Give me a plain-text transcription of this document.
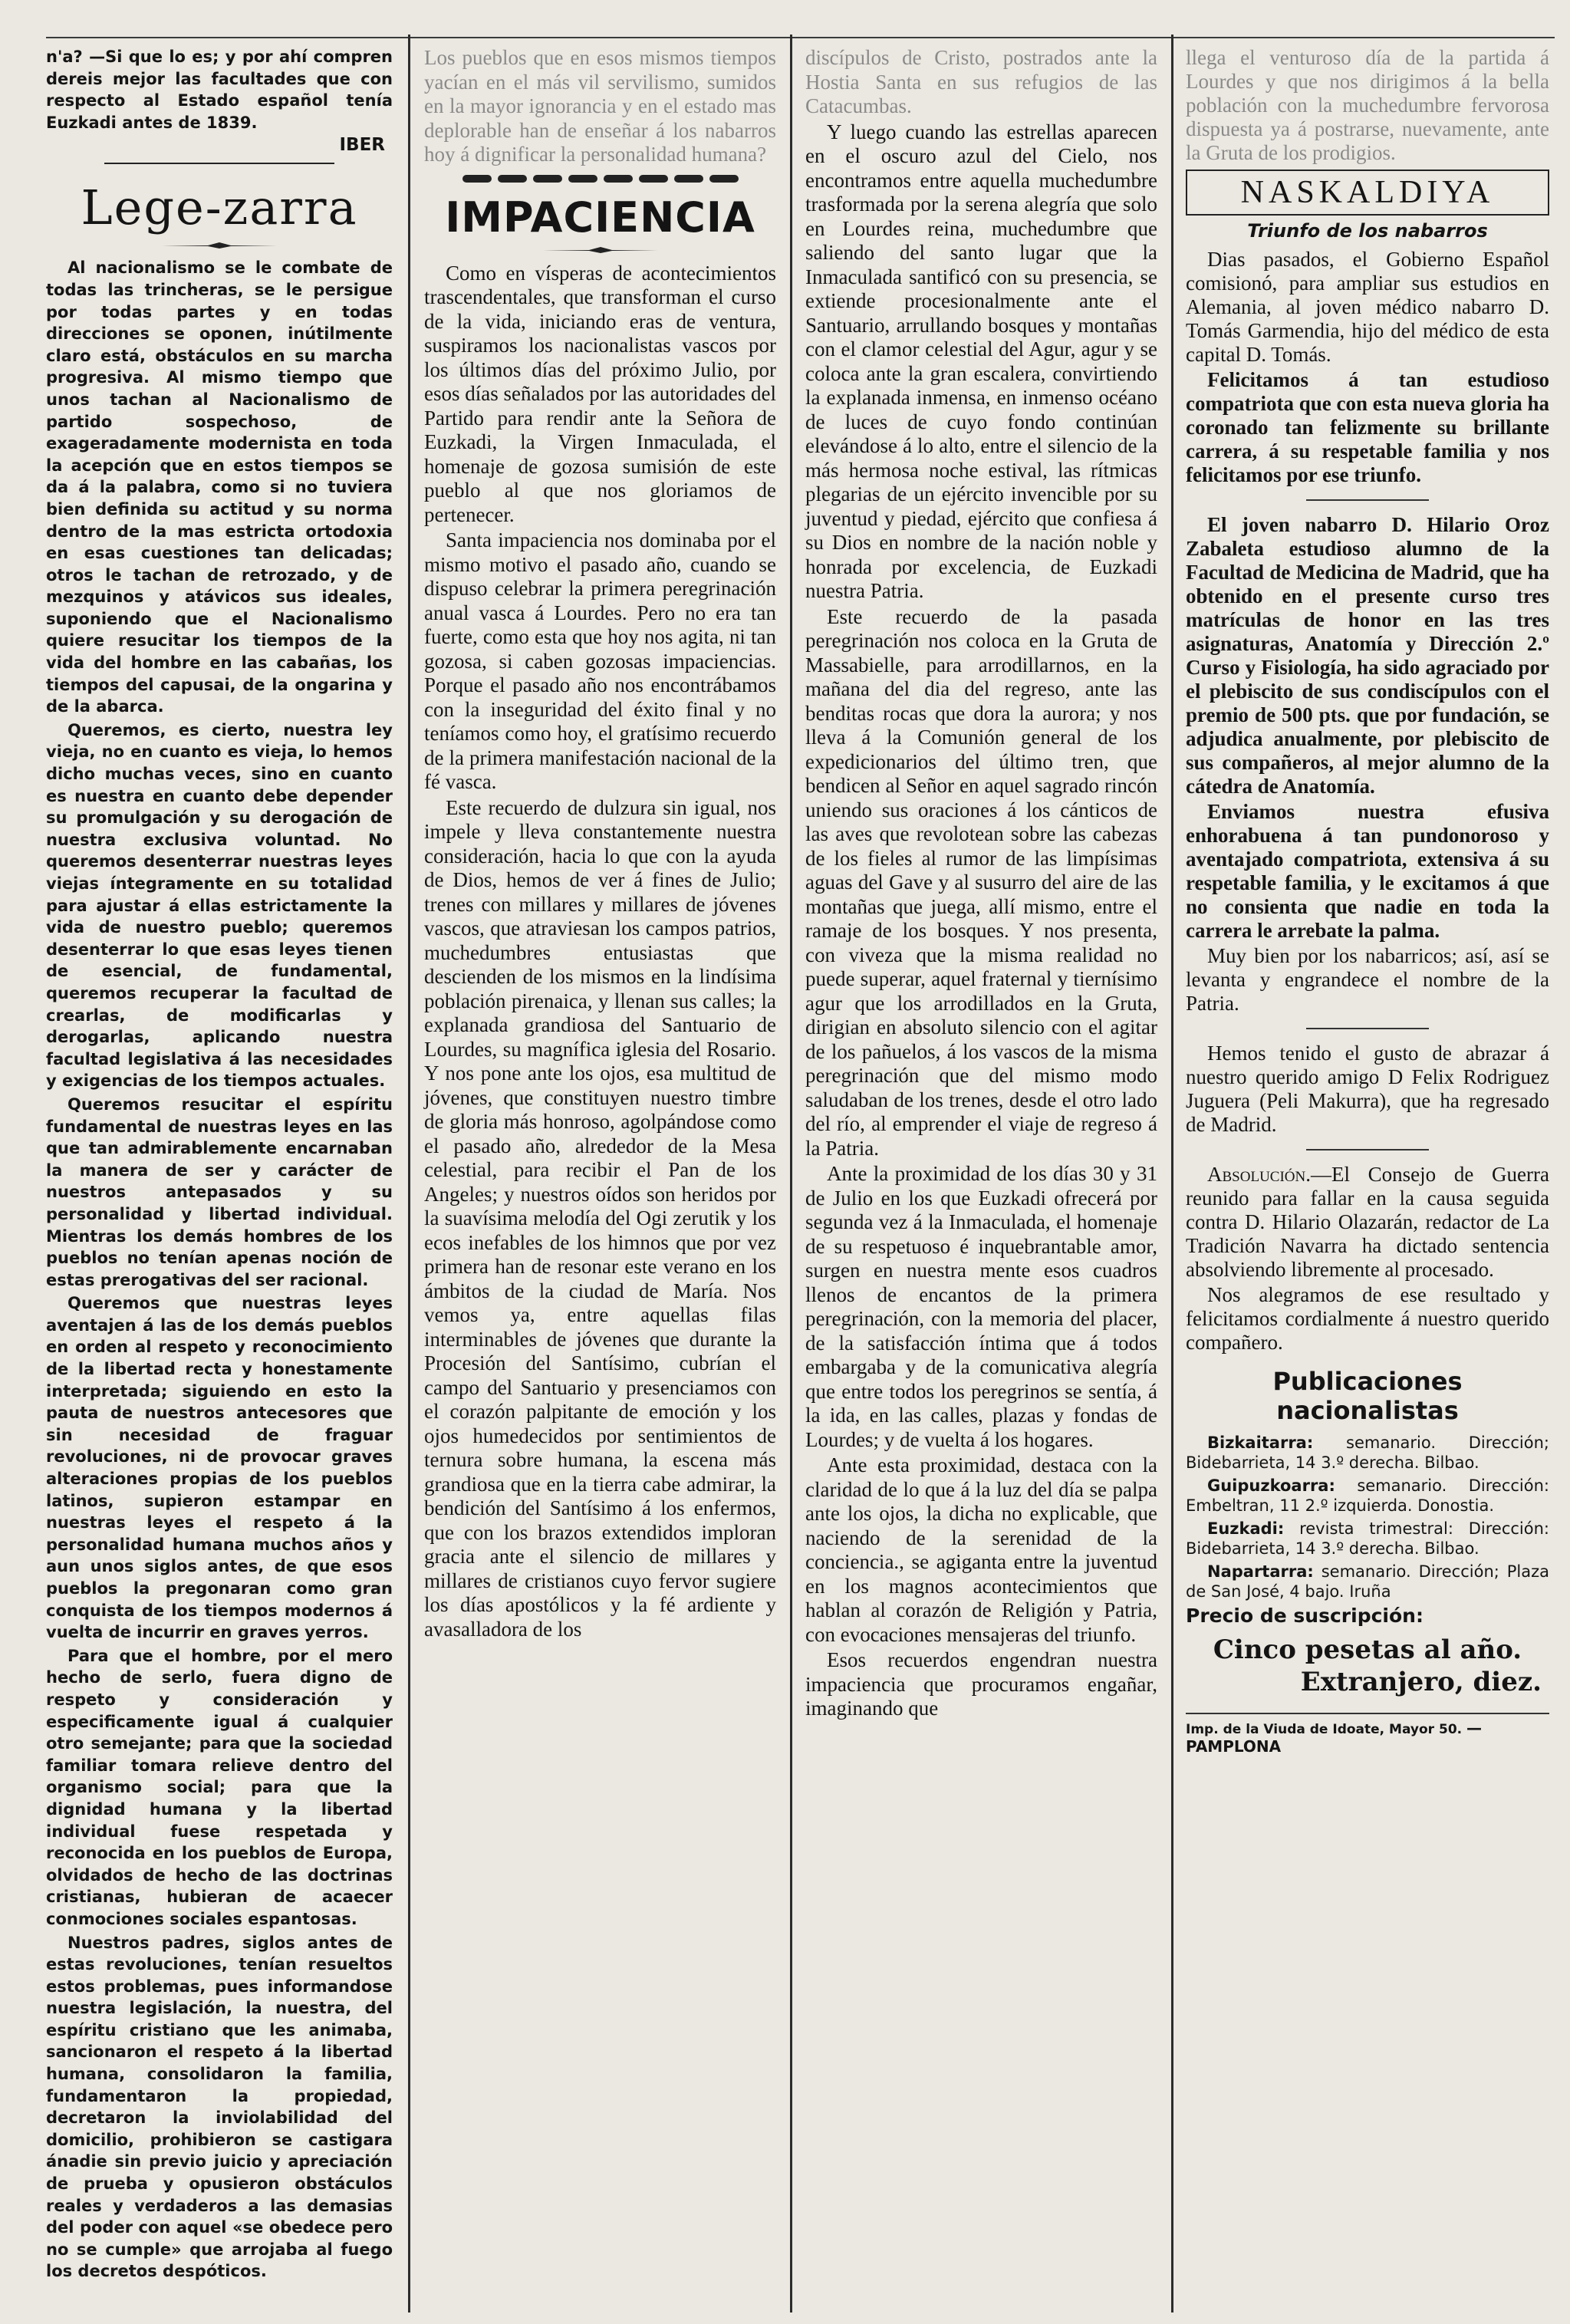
n'a? —Si que lo es; y por ahí compren dereis mejor las facultades que con respecto al Estado español tenía Euzkadi antes de 1839.

IBER
Lege-zarra

Al nacionalismo se le combate de todas las trincheras, se le persigue por todas partes y en todas direcciones se oponen, inútilmente claro está, obstáculos en su marcha progresiva. Al mismo tiempo que unos tachan al Nacionalismo de partido sospechoso, de exageradamente modernista en toda la acepción que en estos tiempos se da á la palabra, como si no tuviera bien definida su actitud y su norma dentro de la mas estricta ortodoxia en esas cuestiones tan delicadas; otros le tachan de retrozado, y de mezquinos y atávicos sus ideales, suponiendo que el Nacionalismo quiere resucitar los tiempos de la vida del hombre en las cabañas, los tiempos del capusai, de la ongarina y de la abarca.

Queremos, es cierto, nuestra ley vieja, no en cuanto es vieja, lo hemos dicho muchas veces, sino en cuanto es nuestra en cuanto debe depender su promulgación y su derogación de nuestra exclusiva voluntad. No queremos desenterrar nuestras leyes viejas íntegramente en su totalidad para ajustar á ellas estrictamente la vida de nuestro pueblo; queremos desenterrar lo que esas leyes tienen de esencial, de fundamental, queremos recuperar la facultad de crearlas, de modificarlas y derogarlas, aplicando nuestra facultad legislativa á las necesidades y exigencias de los tiempos actuales.

Queremos resucitar el espíritu fundamental de nuestras leyes en las que tan admirablemente encarnaban la manera de ser y carácter de nuestros antepasados y su personalidad y libertad individual. Mientras los demás hombres de los pueblos no tenían apenas noción de estas prerogativas del ser racional.

Queremos que nuestras leyes aventajen á las de los demás pueblos en orden al respeto y reconocimiento de la libertad recta y honestamente interpretada; siguiendo en esto la pauta de nuestros antecesores que sin necesidad de fraguar revoluciones, ni de provocar graves alteraciones propias de los pueblos latinos, supieron estampar en nuestras leyes el respeto á la personalidad humana muchos años y aun unos siglos antes, de que esos pueblos la pregonaran como gran conquista de los tiempos modernos á vuelta de incurrir en graves yerros.

Para que el hombre, por el mero hecho de serlo, fuera digno de respeto y consideración y especificamente igual á cualquier otro semejante; para que la sociedad familiar tomara relieve dentro del organismo social; para que la dignidad humana y la libertad individual fuese respetada y reconocida en los pueblos de Europa, olvidados de hecho de las doctrinas cristianas, hubieran de acaecer conmociones sociales espantosas.

Nuestros padres, siglos antes de estas revoluciones, tenían resueltos estos problemas, pues informandose nuestra legislación, la nuestra, del espíritu cristiano que les animaba, sancionaron el respeto á la libertad humana, consolidaron la familia, fundamentaron la propiedad, decretaron la inviolabilidad del domicilio, prohibieron se castigara ánadie sin previo juicio y apreciación de prueba y opusieron obstáculos reales y verdaderos a las demasias del poder con aquel «se obedece pero no se cumple» que arrojaba al fuego los decretos despóticos.

Los pueblos que en esos mismos tiempos yacían en el más vil servilismo, sumidos en la mayor ignorancia y en el estado mas deplorable han de enseñar á los nabarros hoy á dignificar la personalidad humana?

IMPACIENCIA

Como en vísperas de acontecimientos trascendentales, que transforman el curso de la vida, iniciando eras de ventura, suspiramos los nacionalistas vascos por los últimos días del próximo Julio, por esos días señalados por las autoridades del Partido para rendir ante la Señora de Euzkadi, la Virgen Inmaculada, el homenaje de gozosa sumisión de este pueblo al que nos gloriamos de pertenecer.

Santa impaciencia nos dominaba por el mismo motivo el pasado año, cuando se dispuso celebrar la primera peregrinación anual vasca á Lourdes. Pero no era tan fuerte, como esta que hoy nos agita, ni tan gozosa, si caben gozosas impaciencias. Porque el pasado año nos encontrábamos con la inseguridad del éxito final y no teníamos como hoy, el gratísimo recuerdo de la primera manifestación nacional de la fé vasca.

Este recuerdo de dulzura sin igual, nos impele y lleva constantemente nuestra consideración, hacia lo que con la ayuda de Dios, hemos de ver á fines de Julio; trenes con millares y millares de jóvenes vascos, que atraviesan los campos patrios, muchedumbres entusiastas que descienden de los mismos en la lindísima población pirenaica, y llenan sus calles; la explanada grandiosa del Santuario de Lourdes, su magnífica iglesia del Rosario. Y nos pone ante los ojos, esa multitud de jóvenes, que constituyen nuestro timbre de gloria más honroso, agolpándose como el pasado año, alrededor de la Mesa celestial, para recibir el Pan de los Angeles; y nuestros oídos son heridos por la suavísima melodía del Ogi zerutik y los ecos inefables de los himnos que por vez primera han de resonar este verano en los ámbitos de la ciudad de María. Nos vemos ya, entre aquellas filas interminables de jóvenes que durante la Procesión del Santísimo, cubrían el campo del Santuario y presenciamos con el corazón palpitante de emoción y los ojos humedecidos por sentimientos de ternura sobre humana, la escena más grandiosa que en la tierra cabe admirar, la bendición del Santísimo á los enfermos, que con los brazos extendidos imploran gracia ante el silencio de millares y millares de cristianos cuyo fervor sugiere los días apostólicos y la fé ardiente y avasalladora de los

discípulos de Cristo, postrados ante la Hostia Santa en sus refugios de las Catacumbas.

Y luego cuando las estrellas aparecen en el oscuro azul del Cielo, nos encontramos entre aquella muchedumbre trasformada por la serena alegría que solo en Lourdes reina, muchedumbre que saliendo del santo lugar que la Inmaculada santificó con su presencia, se extiende procesionalmente ante el Santuario, arrullando bosques y montañas con el clamor celestial del Agur, agur y se coloca ante la gran escalera, convirtiendo la explanada inmensa, en inmenso océano de luces de cuyo fondo continúan elevándose á lo alto, entre el silencio de la más hermosa noche estival, las rítmicas plegarias de un ejército invencible por su juventud y piedad, ejército que confiesa á su Dios en nombre de la nación noble y honrada por excelencia, de Euzkadi nuestra Patria.

Este recuerdo de la pasada peregrinación nos coloca en la Gruta de Massabielle, para arrodillarnos, en la mañana del dia del regreso, ante las benditas rocas que dora la aurora; y nos lleva á la Comunión general de los expedicionarios del último tren, que bendicen al Señor en aquel sagrado rincón uniendo sus oraciones á los cánticos de las aves que revolotean sobre las cabezas de los fieles al rumor de las limpísimas aguas del Gave y al susurro del aire de las montañas que juega, allí mismo, entre el ramaje de los bosques. Y nos presenta, con viveza que la misma realidad no puede superar, aquel fraternal y tiernísimo agur que los arrodillados en la Gruta, dirigian en absoluto silencio con el agitar de los pañuelos, á los vascos de la misma peregrinación que del mismo modo saludaban de los trenes, desde el otro lado del río, al emprender el viaje de regreso á la Patria.

Ante la proximidad de los días 30 y 31 de Julio en los que Euzkadi ofrecerá por segunda vez á la Inmaculada, el homenaje de su respetuoso é inquebrantable amor, surgen en nuestra mente esos cuadros llenos de encantos de la primera peregrinación, con la memoria del placer, de la satisfacción íntima que á todos embargaba y de la comunicativa alegría que entre todos los peregrinos se sentía, á la ida, en las calles, plazas y fondas de Lourdes; y de vuelta á los hogares.

Ante esta proximidad, destaca con la claridad de lo que á la luz del día se palpa ante los ojos, la dicha no explicable, que naciendo de la serenidad de la conciencia., se agiganta entre la juventud en los magnos acontecimientos que hablan al corazón de Religión y Patria, con evocaciones mensajeras del triunfo.

Esos recuerdos engendran nuestra impaciencia que procuramos engañar, imaginando que

llega el venturoso día de la partida á Lourdes y que nos dirigimos á la bella población con la muchedumbre fervorosa dispuesta ya á postrarse, nuevamente, ante la Gruta de los prodigios.

NASKALDIYA
Triunfo de los nabarros

Dias pasados, el Gobierno Español comisionó, para ampliar sus estudios en Alemania, al joven médico nabarro D. Tomás Garmendia, hijo del médico de esta capital D. Tomás.

Felicitamos á tan estudioso compatriota que con esta nueva gloria ha coronado tan felizmente su brillante carrera, á su respetable familia y nos felicitamos por ese triunfo.

El joven nabarro D. Hilario Oroz Zabaleta estudioso alumno de la Facultad de Medicina de Madrid, que ha obtenido en el presente curso tres matrículas de honor en las tres asignaturas, Anatomía y Dirección 2.º Curso y Fisiología, ha sido agraciado por el plebiscito de sus condiscípulos con el premio de 500 pts. que por fundación, se adjudica anualmente, por plebiscito de sus compañeros, al mejor alumno de la cátedra de Anatomía.

Enviamos nuestra efusiva enhorabuena á tan pundonoroso y aventajado compatriota, extensiva á su respetable familia, y le excitamos á que no consienta que nadie en toda la carrera le arrebate la palma.

Muy bien por los nabarricos; así, así se levanta y engrandece el nombre de la Patria.

Hemos tenido el gusto de abrazar á nuestro querido amigo D Felix Rodriguez Juguera (Peli Makurra), que ha regresado de Madrid.

Absolución.—El Consejo de Guerra reunido para fallar en la causa seguida contra D. Hilario Olazarán, redactor de La Tradición Navarra ha dictado sentencia absolviendo libremente al procesado.

Nos alegramos de ese resultado y felicitamos cordialmente á nuestro querido compañero.

Publicaciones nacionalistas

Bizkaitarra: semanario. Dirección; Bidebarrieta, 14 3.º derecha. Bilbao.

Guipuzkoarra: semanario. Dirección: Embeltran, 11 2.º izquierda. Donostia.

Euzkadi: revista trimestral: Dirección: Bidebarrieta, 14 3.º derecha. Bilbao.

Napartarra: semanario. Dirección; Plaza de San José, 4 bajo. Iruña

Precio de suscripción:
Cinco pesetas al año.
Extranjero, diez.
Imp. de la Viuda de Idoate, Mayor 50. — PAMPLONA
